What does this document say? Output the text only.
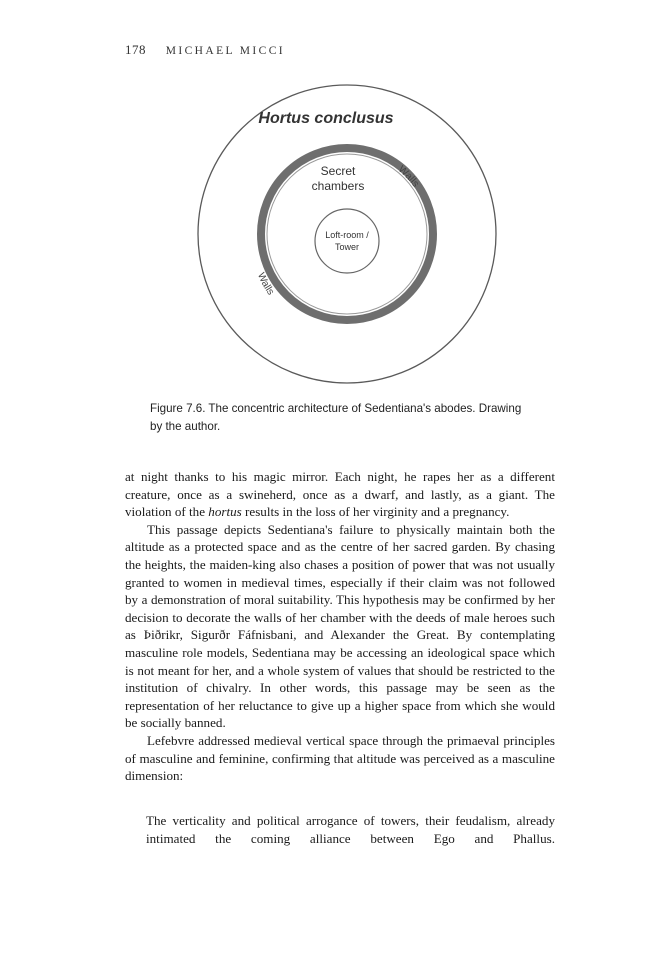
178 MICHAEL MICCI
Hortus conclusus
Secret
chambers
Loft-room /
Tower
Walls
Walls
Figure 7.6. The concentric architecture of Sedentiana's abodes. Drawing by the author.

at night thanks to his magic mirror. Each night, he rapes her as a different creature, once as a swineherd, once as a dwarf, and lastly, as a giant. The violation of the hortus results in the loss of her virginity and a pregnancy.

This passage depicts Sedentiana's failure to physically maintain both the altitude as a protected space and as the centre of her sacred garden. By chasing the heights, the maiden-king also chases a position of power that was not usually granted to women in medieval times, especially if their claim was not followed by a demonstration of moral suitability. This hypothesis may be confirmed by her decision to decorate the walls of her chamber with the deeds of male heroes such as Þiðrikr, Sigurðr Fáfnisbani, and Alexander the Great. By contemplating masculine role models, Sedentiana may be accessing an ideological space which is not meant for her, and a whole system of values that should be restricted to the institution of chivalry. In other words, this passage may be seen as the representation of her reluctance to give up a higher space from which she would be socially banned.

Lefebvre addressed medieval vertical space through the primaeval principles of masculine and feminine, confirming that altitude was perceived as a masculine dimension:

The verticality and political arrogance of towers, their feudalism, already intimated the coming alliance between Ego and Phallus.
